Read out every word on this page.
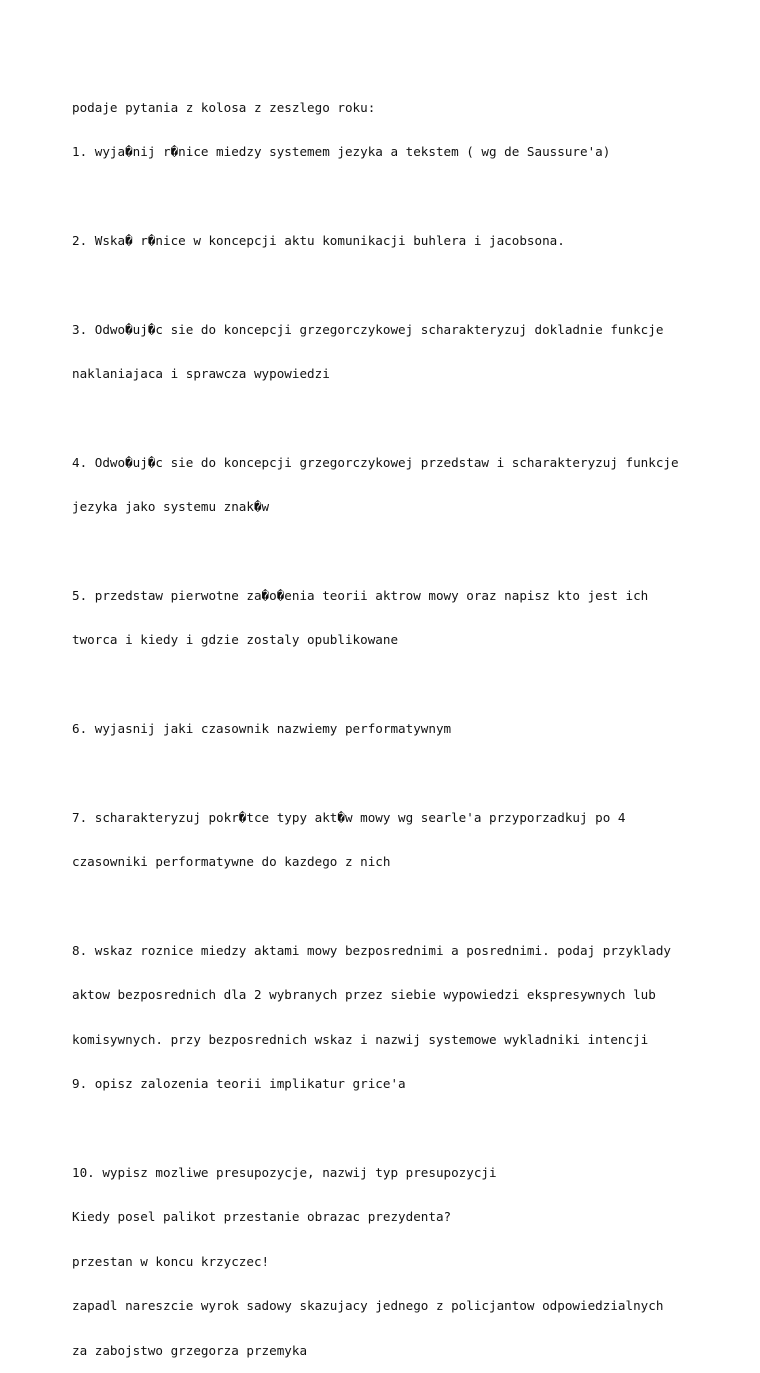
podaje pytania z kolosa z zeszlego roku:

1. wyja�nij r�nice miedzy systemem jezyka a tekstem ( wg de Saussure'a)

2. Wska� r�nice w koncepcji aktu komunikacji buhlera i jacobsona.

3. Odwo�uj�c sie do koncepcji grzegorczykowej scharakteryzuj dokladnie funkcje

naklaniajaca i sprawcza wypowiedzi

4. Odwo�uj�c sie do koncepcji grzegorczykowej przedstaw i scharakteryzuj funkcje

jezyka jako systemu znak�w

5. przedstaw pierwotne za�o�enia teorii aktrow mowy oraz napisz kto jest ich

tworca i kiedy i gdzie zostaly opublikowane

6. wyjasnij jaki czasownik nazwiemy performatywnym

7. scharakteryzuj pokr�tce typy akt�w mowy wg searle'a przyporzadkuj po 4

czasowniki performatywne do kazdego z nich

8. wskaz roznice miedzy aktami mowy bezposrednimi a posrednimi. podaj przyklady

aktow bezposrednich dla 2 wybranych przez siebie wypowiedzi ekspresywnych lub

komisywnych. przy bezposrednich wskaz i nazwij systemowe wykladniki intencji

9. opisz zalozenia teorii implikatur grice'a

10. wypisz mozliwe presupozycje, nazwij typ presupozycji

Kiedy posel palikot przestanie obrazac prezydenta?

przestan w koncu krzyczec!

zapadl nareszcie wyrok sadowy skazujacy jednego z policjantow odpowiedzialnych

za zabojstwo grzegorza przemyka
